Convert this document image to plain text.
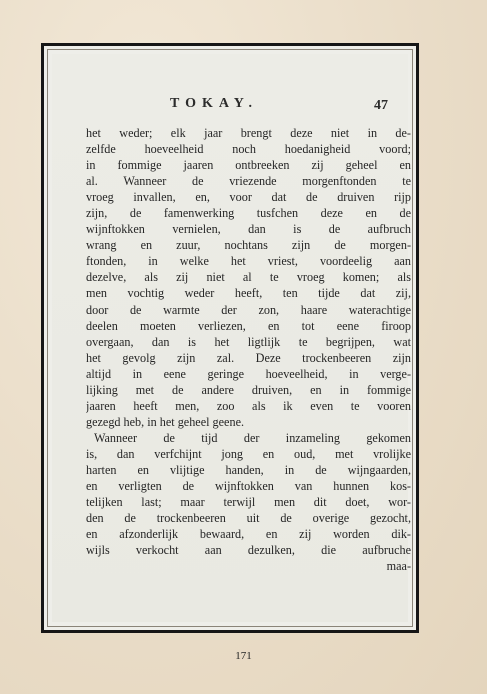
TOKAY.	47
het weder; elk jaar brengt deze niet in de-
zelfde hoeveelheid noch hoedanigheid voord;
in fommige jaaren ontbreeken zij geheel en
al. Wanneer de vriezende morgenftonden te
vroeg invallen, en, voor dat de druiven rijp
zijn, de famenwerking tusfchen deze en de
wijnftokken vernielen, dan is de aufbruch
wrang en zuur, nochtans zijn de morgen-
ftonden, in welke het vriest, voordeelig aan
dezelve, als zij niet al te vroeg komen; als
men vochtig weder heeft, ten tijde dat zij,
door de warmte der zon, haare waterachtige
deelen moeten verliezen, en tot eene firoop
overgaan, dan is het ligtlijk te begrijpen, wat
het gevolg zijn zal. Deze trockenbeeren zijn
altijd in eene geringe hoeveelheid, in verge-
lijking met de andere druiven, en in fommige
jaaren heeft men, zoo als ik even te vooren
gezegd heb, in het geheel geene.
Wanneer de tijd der inzameling gekomen
is, dan verfchijnt jong en oud, met vrolijke
harten en vlijtige handen, in de wijngaarden,
en verligten de wijnftokken van hunnen kos-
telijken last; maar terwijl men dit doet, wor-
den de trockenbeeren uit de overige gezocht,
en afzonderlijk bewaard, en zij worden dik-
wijls verkocht aan dezulken, die aufbruche
maa-
171
